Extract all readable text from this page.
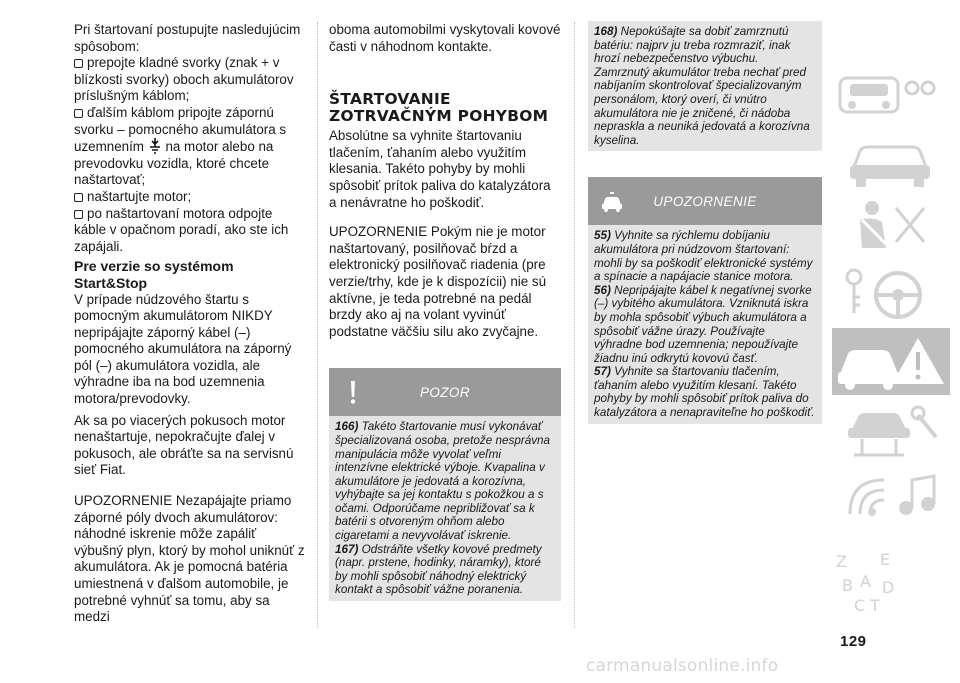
Pri štartovaní postupujte nasledujúcim spôsobom:

prepojte kladné svorky (znak + v blízkosti svorky) oboch akumulátorov príslušným káblom;

ďalším káblom pripojte zápornú svorku – pomocného akumulátora s uzemnením na motor alebo na prevodovku vozidla, ktoré chcete naštartovať;

naštartujte motor;

po naštartovaní motora odpojte káble v opačnom poradí, ako ste ich zapájali.

Pre verzie so systémom Start&Stop

V prípade núdzového štartu s pomocným akumulátorom NIKDY nepripájajte záporný kábel (–) pomocného akumulátora na záporný pól (–) akumulátora vozidla, ale výhradne iba na bod uzemnenia motora/prevodovky.

Ak sa po viacerých pokusoch motor nenaštartuje, nepokračujte ďalej v pokusoch, ale obráťte sa na servisnú sieť Fiat.

UPOZORNENIE Nezapájajte priamo záporné póly dvoch akumulátorov: náhodné iskrenie môže zapáliť výbušný plyn, ktorý by mohol uniknúť z akumulátora. Ak je pomocná batéria umiestnená v ďalšom automobile, je potrebné vyhnúť sa tomu, aby sa medzi

oboma automobilmi vyskytovali kovové časti v náhodnom kontakte.

ŠTARTOVANIE
ZOTRVAČNÝM POHYBOM

Absolútne sa vyhnite štartovaniu tlačením, ťahaním alebo využitím klesania. Takéto pohyby by mohli spôsobiť prítok paliva do katalyzátora a nenávratne ho poškodiť.

UPOZORNENIE Pokým nie je motor naštartovaný, posilňovač bŕzd a elektronický posilňovač riadenia (pre verzie/trhy, kde je k dispozícii) nie sú aktívne, je teda potrebné na pedál brzdy ako aj na volant vyvinúť podstatne väčšiu silu ako zvyčajne.

POZOR

166) Takéto štartovanie musí vykonávať špecializovaná osoba, pretože nesprávna manipulácia môže vyvolať veľmi intenzívne elektrické výboje. Kvapalina v akumulátore je jedovatá a korozívna, vyhýbajte sa jej kontaktu s pokožkou a s očami. Odporúčame nepribližovať sa k batérii s otvoreným ohňom alebo cigaretami a nevyvolávať iskrenie.

167) Odstráňte všetky kovové predmety (napr. prstene, hodinky, náramky), ktoré by mohli spôsobiť náhodný elektrický kontakt a spôsobiť vážne poranenia.

168) Nepokúšajte sa dobiť zamrznutú batériu: najprv ju treba rozmraziť, inak hrozí nebezpečenstvo výbuchu. Zamrznutý akumulátor treba nechať pred nabíjaním skontrolovať špecializovaným personálom, ktorý overí, či vnútro akumulátora nie je zničené, či nádoba nepraskla a neuniká jedovatá a korozívna kyselina.

UPOZORNENIE

55) Vyhnite sa rýchlemu dobíjaniu akumulátora pri núdzovom štartovaní: mohli by sa poškodiť elektronické systémy a spínacie a napájacie stanice motora.

56) Nepripájajte kábel k negatívnej svorke (–) vybitého akumulátora. Vzniknutá iskra by mohla spôsobiť výbuch akumulátora a spôsobiť vážne úrazy. Používajte výhradne bod uzemnenia; nepoužívajte žiadnu inú odkrytú kovovú časť.

57) Vyhnite sa štartovaniu tlačením, ťahaním alebo využitím klesaní. Takéto pohyby by mohli spôsobiť prítok paliva do katalyzátora a nenapraviteľne ho poškodiť.

Z E
B D
C T
A
129
carmanualsonline.info
